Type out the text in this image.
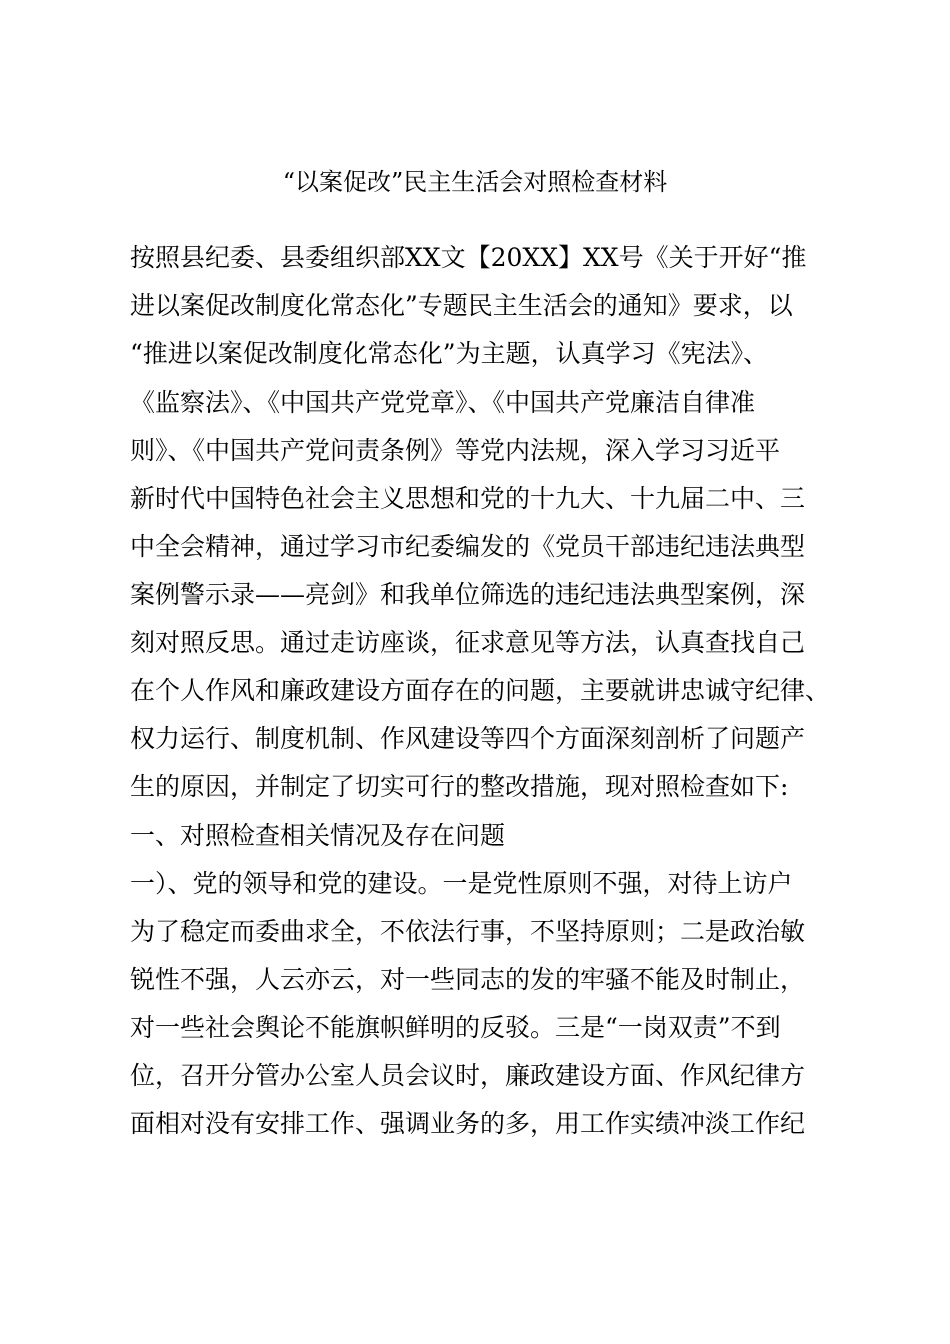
“以案促改”民主生活会对照检查材料
按照县纪委、县委组织部XX文【20XX】XX号《关于开好“推
进以案促改制度化常态化”专题民主生活会的通知》要求，以
“推进以案促改制度化常态化”为主题，认真学习《宪法》、
《监察法》、《中国共产党党章》、《中国共产党廉洁自律准
则》、《中国共产党问责条例》等党内法规，深入学习习近平
新时代中国特色社会主义思想和党的十九大、十九届二中、三
中全会精神，通过学习市纪委编发的《党员干部违纪违法典型
案例警示录——亮剑》和我单位筛选的违纪违法典型案例，深
刻对照反思。通过走访座谈，征求意见等方法，认真查找自己
在个人作风和廉政建设方面存在的问题，主要就讲忠诚守纪律、
权力运行、制度机制、作风建设等四个方面深刻剖析了问题产
生的原因，并制定了切实可行的整改措施，现对照检查如下:
一、对照检查相关情况及存在问题
一）、党的领导和党的建设。一是党性原则不强，对待上访户
为了稳定而委曲求全，不依法行事，不坚持原则；二是政治敏
锐性不强，人云亦云，对一些同志的发的牢骚不能及时制止，
对一些社会舆论不能旗帜鲜明的反驳。三是“一岗双责”不到
位，召开分管办公室人员会议时，廉政建设方面、作风纪律方
面相对没有安排工作、强调业务的多，用工作实绩冲淡工作纪
